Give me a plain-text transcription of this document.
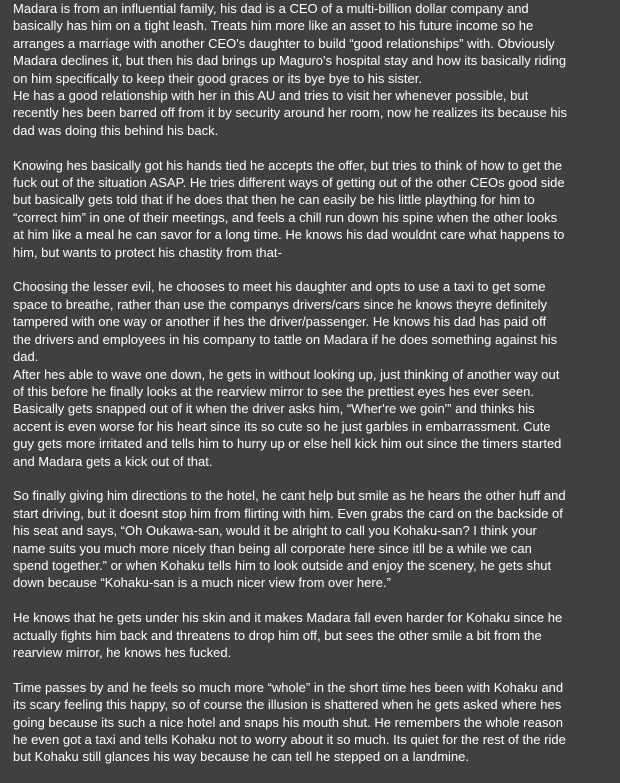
Madara is from an influential family, his dad is a CEO of a multi-billion dollar company and
basically has him on a tight leash. Treats him more like an asset to his future income so he
arranges a marriage with another CEO's daughter to build “good relationships” with. Obviously
Madara declines it, but then his dad brings up Maguro's hospital stay and how its basically riding
on him specifically to keep their good graces or its bye bye to his sister.
He has a good relationship with her in this AU and tries to visit her whenever possible, but
recently hes been barred off from it by security around her room, now he realizes its because his
dad was doing this behind his back.
Knowing hes basically got his hands tied he accepts the offer, but tries to think of how to get the
fuck out of the situation ASAP. He tries different ways of getting out of the other CEOs good side
but basically gets told that if he does that then he can easily be his little plaything for him to
“correct him” in one of their meetings, and feels a chill run down his spine when the other looks
at him like a meal he can savor for a long time. He knows his dad wouldnt care what happens to
him, but wants to protect his chastity from that-
Choosing the lesser evil, he chooses to meet his daughter and opts to use a taxi to get some
space to breathe, rather than use the companys drivers/cars since he knows theyre definitely
tampered with one way or another if hes the driver/passenger. He knows his dad has paid off
the drivers and employees in his company to tattle on Madara if he does something against his
dad.
After hes able to wave one down, he gets in without looking up, just thinking of another way out
of this before he finally looks at the rearview mirror to see the prettiest eyes hes ever seen.
Basically gets snapped out of it when the driver asks him, “Wher're we goin'” and thinks his
accent is even worse for his heart since its so cute so he just garbles in embarrassment. Cute
guy gets more irritated and tells him to hurry up or else hell kick him out since the timers started
and Madara gets a kick out of that.
So finally giving him directions to the hotel, he cant help but smile as he hears the other huff and
start driving, but it doesnt stop him from flirting with him. Even grabs the card on the backside of
his seat and says, “Oh Oukawa-san, would it be alright to call you Kohaku-san? I think your
name suits you much more nicely than being all corporate here since itll be a while we can
spend together.” or when Kohaku tells him to look outside and enjoy the scenery, he gets shut
down because “Kohaku-san is a much nicer view from over here.”
He knows that he gets under his skin and it makes Madara fall even harder for Kohaku since he
actually fights him back and threatens to drop him off, but sees the other smile a bit from the
rearview mirror, he knows hes fucked.
Time passes by and he feels so much more “whole” in the short time hes been with Kohaku and
its scary feeling this happy, so of course the illusion is shattered when he gets asked where hes
going because its such a nice hotel and snaps his mouth shut. He remembers the whole reason
he even got a taxi and tells Kohaku not to worry about it so much. Its quiet for the rest of the ride
but Kohaku still glances his way because he can tell he stepped on a landmine.
